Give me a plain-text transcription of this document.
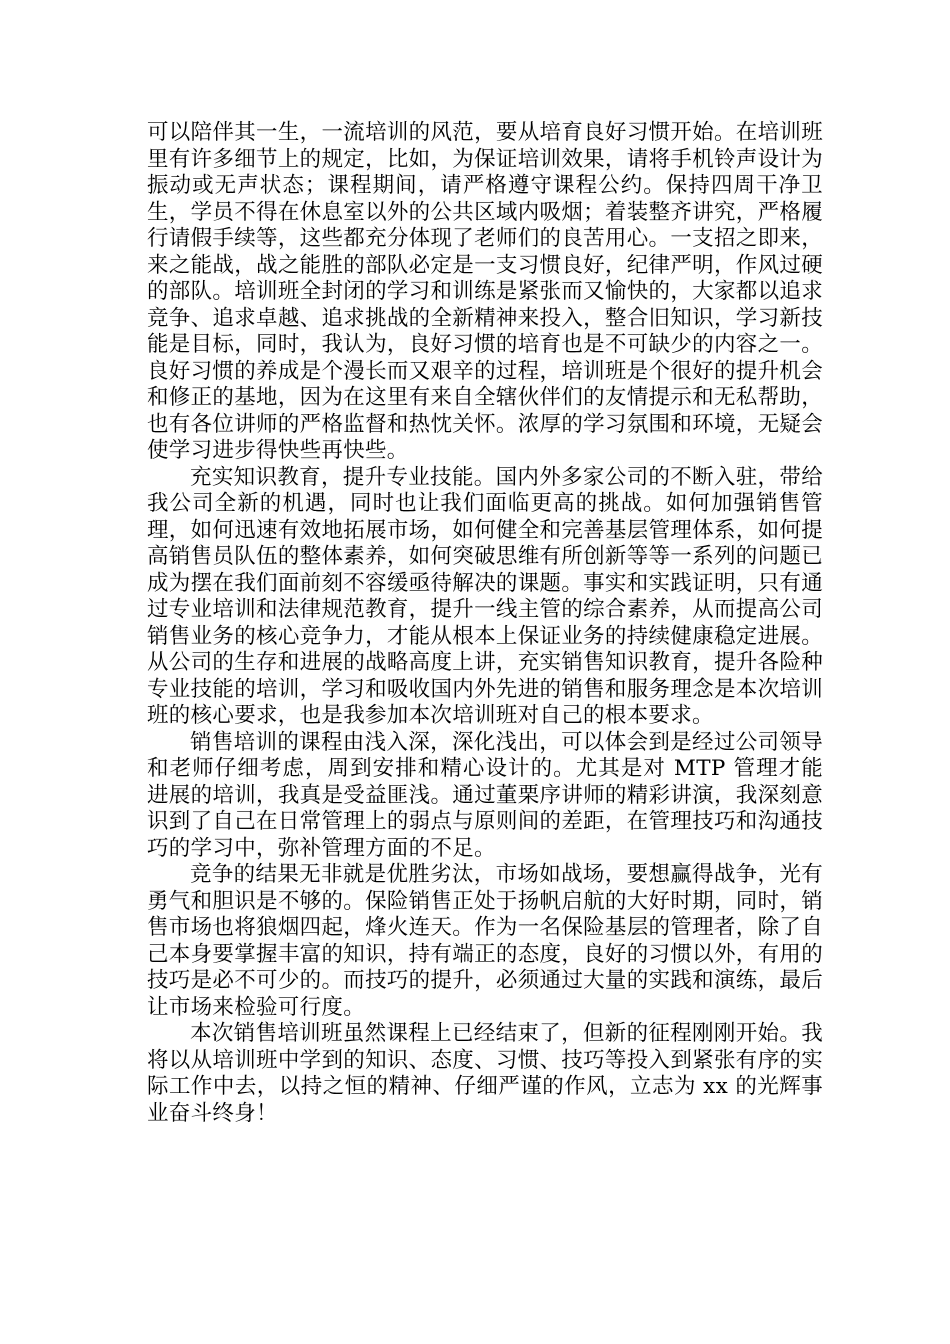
可以陪伴其一生，一流培训的风范，要从培育良好习惯开始。在培训班里有许多细节上的规定，比如，为保证培训效果，请将手机铃声设计为振动或无声状态；课程期间，请严格遵守课程公约。保持四周干净卫生，学员不得在休息室以外的公共区域内吸烟；着装整齐讲究，严格履行请假手续等，这些都充分体现了老师们的良苦用心。一支招之即来，来之能战，战之能胜的部队必定是一支习惯良好，纪律严明，作风过硬的部队。培训班全封闭的学习和训练是紧张而又愉快的，大家都以追求竞争、追求卓越、追求挑战的全新精神来投入，整合旧知识，学习新技能是目标，同时，我认为，良好习惯的培育也是不可缺少的内容之一。良好习惯的养成是个漫长而又艰辛的过程，培训班是个很好的提升机会和修正的基地，因为在这里有来自全辖伙伴们的友情提示和无私帮助，也有各位讲师的严格监督和热忱关怀。浓厚的学习氛围和环境，无疑会使学习进步得快些再快些。

充实知识教育，提升专业技能。国内外多家公司的不断入驻，带给我公司全新的机遇，同时也让我们面临更高的挑战。如何加强销售管理，如何迅速有效地拓展市场，如何健全和完善基层管理体系，如何提高销售员队伍的整体素养，如何突破思维有所创新等等一系列的问题已成为摆在我们面前刻不容缓亟待解决的课题。事实和实践证明，只有通过专业培训和法律规范教育，提升一线主管的综合素养，从而提高公司销售业务的核心竞争力，才能从根本上保证业务的持续健康稳定进展。从公司的生存和进展的战略高度上讲，充实销售知识教育，提升各险种专业技能的培训，学习和吸收国内外先进的销售和服务理念是本次培训班的核心要求，也是我参加本次培训班对自己的根本要求。

销售培训的课程由浅入深，深化浅出，可以体会到是经过公司领导和老师仔细考虑，周到安排和精心设计的。尤其是对 MTP 管理才能进展的培训，我真是受益匪浅。通过董栗序讲师的精彩讲演，我深刻意识到了自己在日常管理上的弱点与原则间的差距，在管理技巧和沟通技巧的学习中，弥补管理方面的不足。

竞争的结果无非就是优胜劣汰，市场如战场，要想赢得战争，光有勇气和胆识是不够的。保险销售正处于扬帆启航的大好时期，同时，销售市场也将狼烟四起，烽火连天。作为一名保险基层的管理者，除了自己本身要掌握丰富的知识，持有端正的态度，良好的习惯以外，有用的技巧是必不可少的。而技巧的提升，必须通过大量的实践和演练，最后让市场来检验可行度。

本次销售培训班虽然课程上已经结束了，但新的征程刚刚开始。我将以从培训班中学到的知识、态度、习惯、技巧等投入到紧张有序的实际工作中去，以持之恒的精神、仔细严谨的作风，立志为 xx 的光辉事业奋斗终身！
